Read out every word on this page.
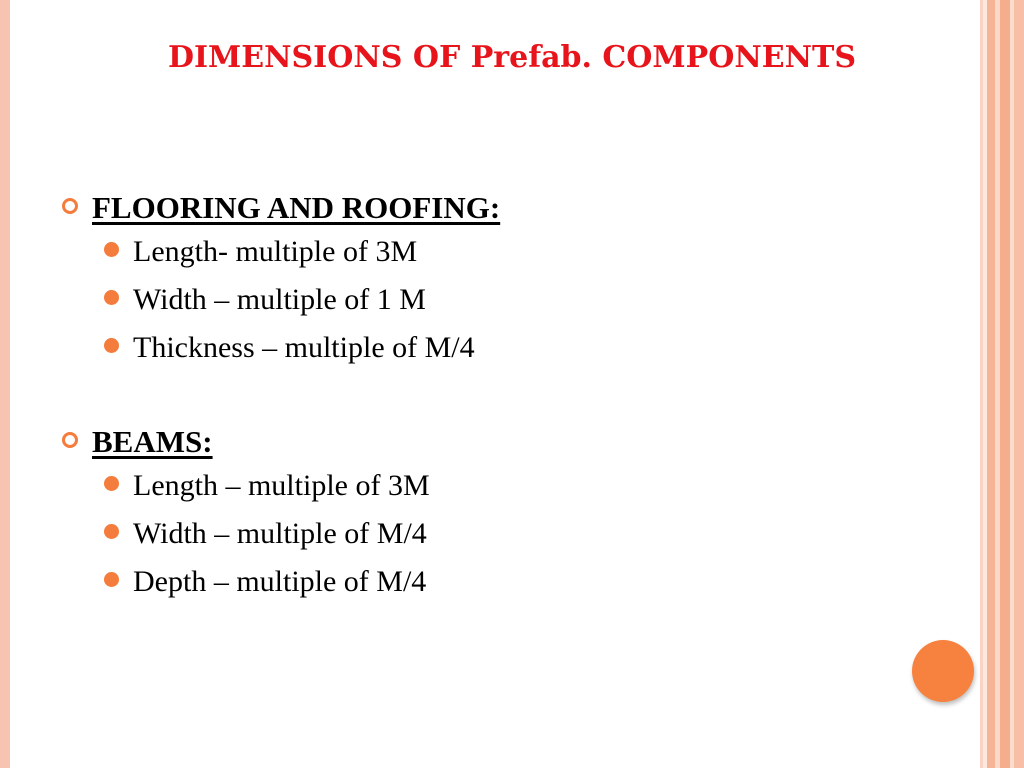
DIMENSIONS OF Prefab. COMPONENTS
FLOORING AND ROOFING:
Length- multiple of 3M
Width – multiple of 1 M
Thickness – multiple of M/4
BEAMS:
Length – multiple of 3M
Width – multiple of M/4
Depth – multiple of M/4
